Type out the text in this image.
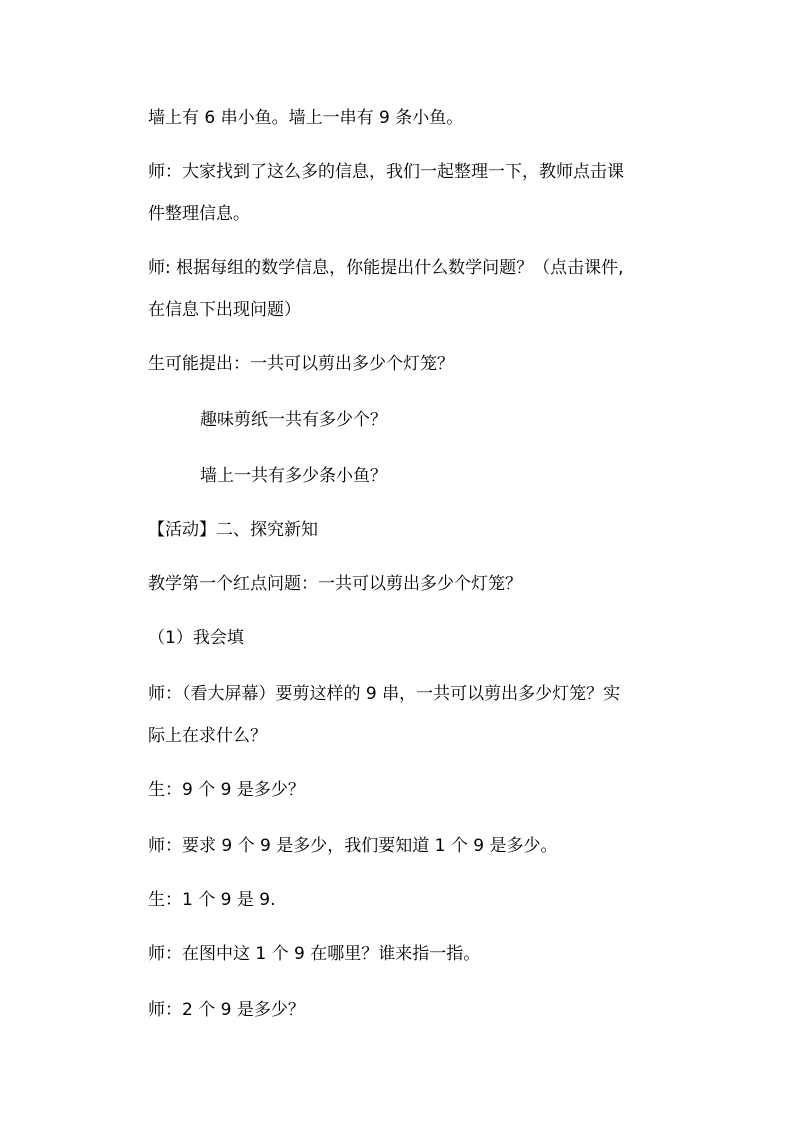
墙上有 6 串小鱼。墙上一串有 9 条小鱼。

师：大家找到了这么多的信息，我们一起整理一下，教师点击课

件整理信息。

师: 根据每组的数学信息，你能提出什么数学问题？（点击课件,

在信息下出现问题）

生可能提出：一共可以剪出多少个灯笼？

趣味剪纸一共有多少个？

墙上一共有多少条小鱼？

【活动】二、探究新知

教学第一个红点问题：一共可以剪出多少个灯笼？

（1）我会填

师：（看大屏幕）要剪这样的 9 串，一共可以剪出多少灯笼？实

际上在求什么？

生：9 个 9 是多少？

师：要求 9 个 9 是多少，我们要知道 1 个 9 是多少。

生：1 个 9 是 9.

师：在图中这 1 个 9 在哪里？谁来指一指。

师：2 个 9 是多少？
